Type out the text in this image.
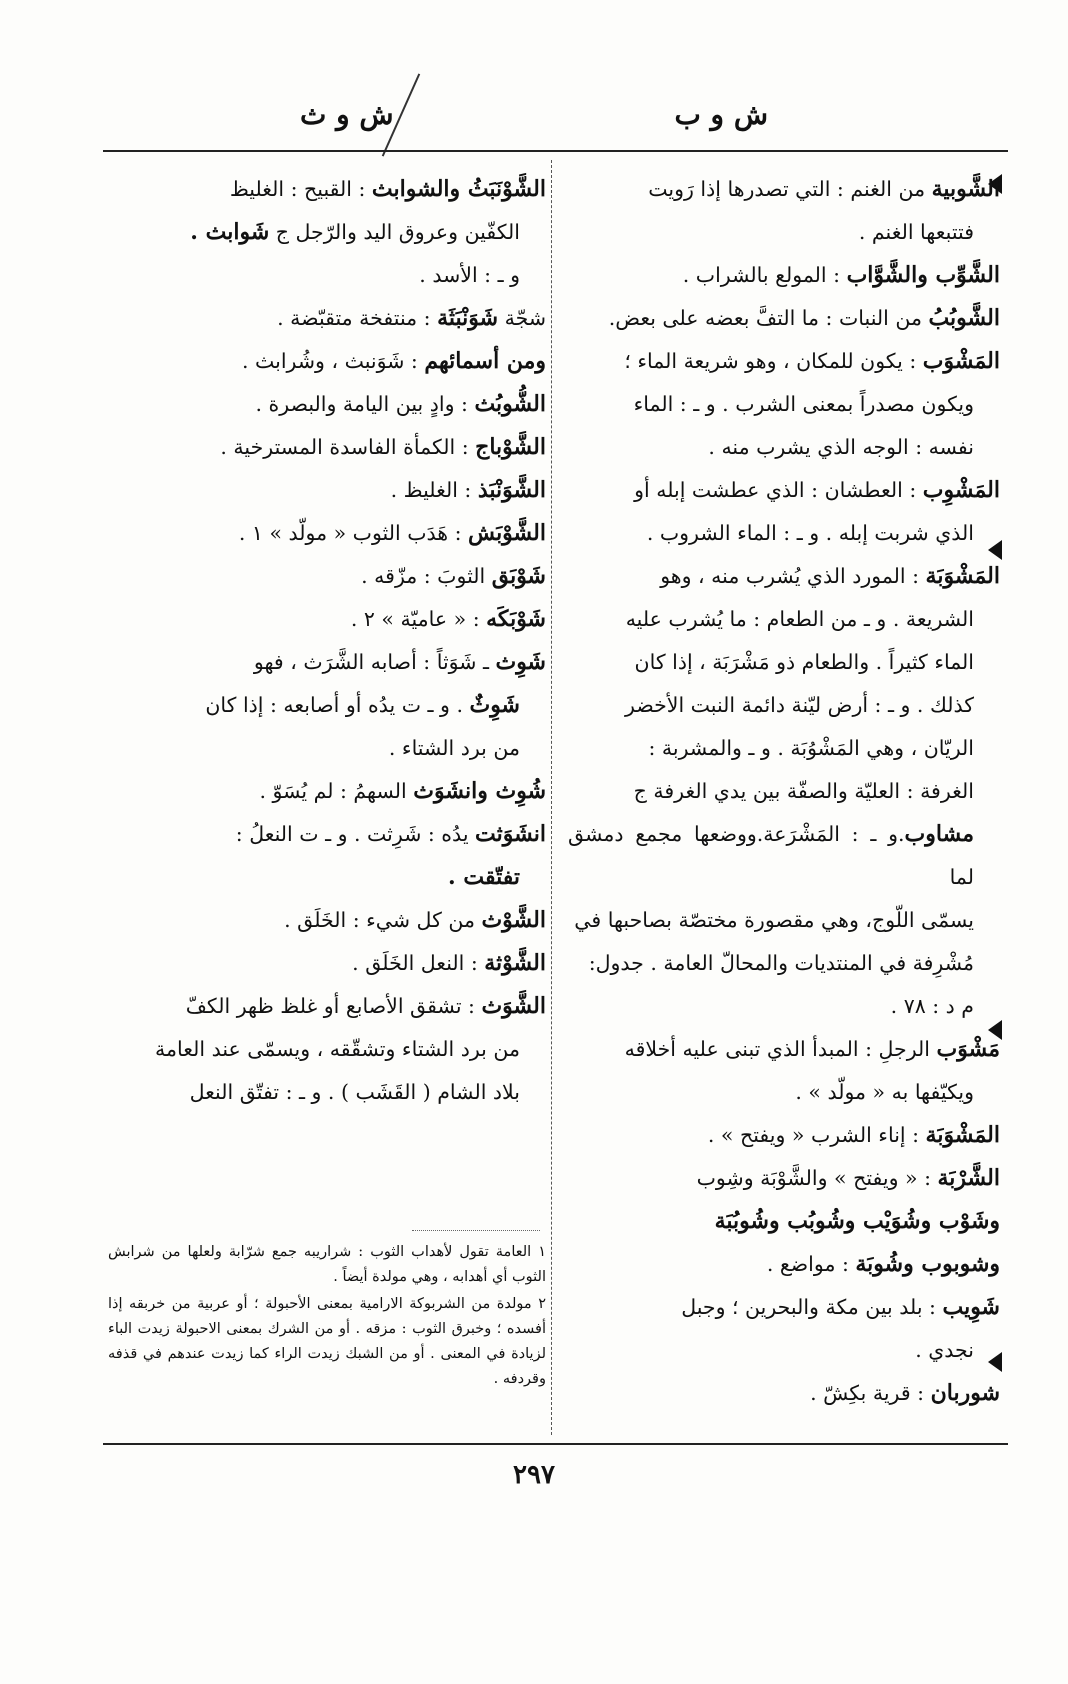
ش و ب
ش و ث

الشَّوبية من الغنم : التي تصدرها إذا رَويت

فتتبعها الغنم .

الشَّوِّب والشَّوَّاب : المولع بالشراب .

الشَّوبُبُ من النبات : ما التفَّ بعضه على بعض.

المَشْوَب : يكون للمكان ، وهو شريعة الماء ؛

ويكون مصدراً بمعنى الشرب . و ـ : الماء

نفسه : الوجه الذي يشرب منه .

المَشْوِب : العطشان : الذي عطشت إبله أو

الذي شربت إبله . و ـ : الماء الشروب .

المَشْوَبَة : المورد الذي يُشرب منه ، وهو

الشريعة . و ـ من الطعام : ما يُشرب عليه

الماء كثيراً . والطعام ذو مَشْرَبَة ، إذا كان

كذلك . و ـ : أرض ليّنة دائمة النبت الأخضر

الريّان ، وهي المَشْوُبَة . و ـ والمشربة :

الغرفة : العليّة والصفّة بين يدي الغرفة ج

مشاوب.و ـ : المَشْرَعة.ووضعها مجمع دمشق لما

يسمّى اللّوج، وهي مقصورة مختصّة بصاحبها في

مُشْرِفة في المنتديات والمحالّ العامة . جدول:

م د : ٧٨ .

مَشْوَب الرجلِ : المبدأ الذي تبنى عليه أخلاقه

ويكيّفها به « مولّد » .

المَشْوَبَة : إناء الشرب « ويفتح » .

الشَّرْبَة : « ويفتح » والشَّوْبَة وشِوب

وشَوْب وشُوَيْب وشُوبُب وشُوبُبَة

وشوبوب وشُوبَة : مواضع .

شَوِيب : بلد بين مكة والبحرين ؛ وجبل

نجدي .

شوربان : قرية بكِشّ .

الشَّوْنَبَثُ والشوابث : القبيح : الغليظ

الكفّين وعروق اليد والرّجل ج شَوابث .

و ـ : الأسد .

شجّة شَوَنْبَثَة : منتفخة متقبّضة .

ومن أسمائهم : شَوَنبث ، وشُرابث .

الشُّوبُث : وادٍ بين اليامة والبصرة .

الشَّوْباج : الكمأة الفاسدة المسترخية .

الشَّوَنْبَذ : الغليظ .

الشَّوْبَش : هَدَب الثوب « مولّد » ١ .

شَوْبَق الثوبَ : مزّقه .

شَوْبَكَه : « عاميّة » ٢ .

شَوِث ـ شَوَثاً : أصابه الشَّرَث ، فهو

شَوِثٌ . و ـ ت يدُه أو أصابعه : إذا كان

من برد الشتاء .

شُوِث وانشَوَث السهمُ : لم يُسَوّ .

انشَوَثت يدُه : شَرِثت . و ـ ت النعلُ :

تفتّقت .

الشَّوْث من كل شيء : الخَلَق .

الشَّوْثة : النعل الخَلَق .

الشَّوَث : تشقق الأصابع أو غلظ ظهر الكفّ

من برد الشتاء وتشقّقه ، ويسمّى عند العامة

بلاد الشام ( القَشَب ) . و ـ : تفتّق النعل

١ العامة تقول لأهداب الثوب : شراريبه جمع شرّابة ولعلها من شرابش الثوب أي أهدابه ، وهي مولدة أيضاً .

٢ مولدة من الشربوكة الارامية بمعنى الأحبولة ؛ أو عربية من خربقه إذا أفسده ؛ وخبرق الثوب : مزقه . أو من الشرك بمعنى الاحبولة زيدت الباء لزيادة في المعنى . أو من الشبك زيدت الراء كما زيدت عندهم في قذفه وقردفه .

٢٩٧
